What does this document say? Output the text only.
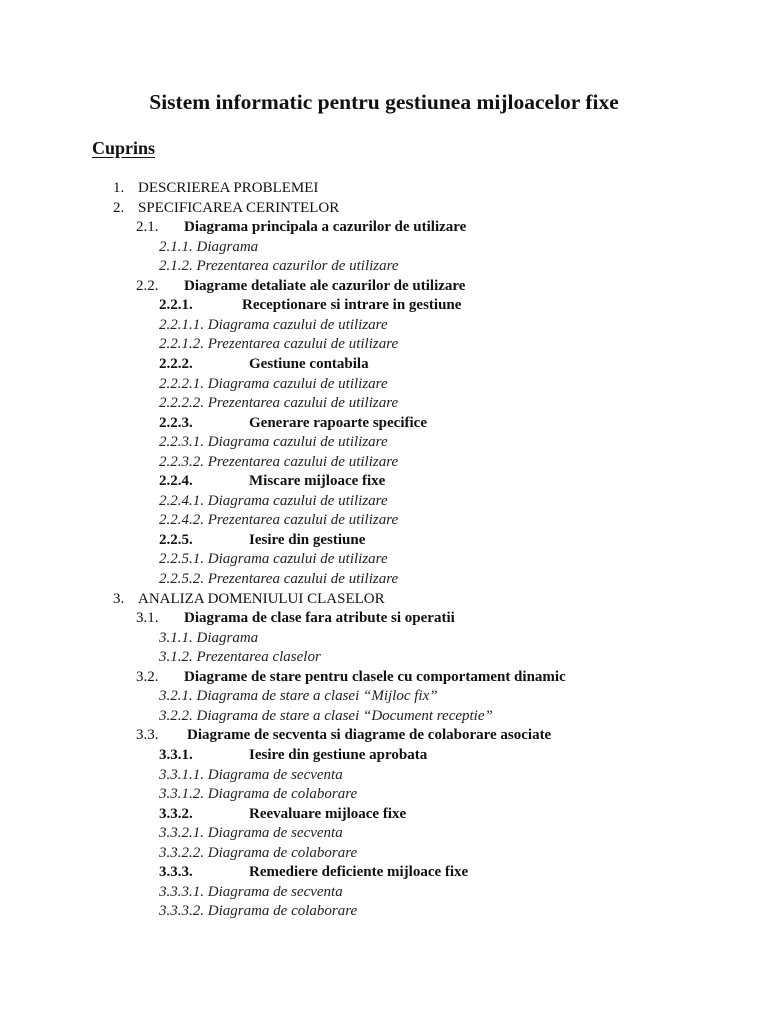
Sistem informatic pentru gestiunea mijloacelor fixe
Cuprins
1. DESCRIEREA PROBLEMEI
2. SPECIFICAREA CERINTELOR
2.1. Diagrama principala a cazurilor de utilizare
2.1.1. Diagrama
2.1.2. Prezentarea cazurilor de utilizare
2.2. Diagrame detaliate ale cazurilor de utilizare
2.2.1.	Receptionare si intrare in gestiune
2.2.1.1. Diagrama cazului de utilizare
2.2.1.2. Prezentarea cazului de utilizare
2.2.2.	Gestiune contabila
2.2.2.1. Diagrama cazului de utilizare
2.2.2.2. Prezentarea cazului de utilizare
2.2.3.	Generare rapoarte specifice
2.2.3.1. Diagrama cazului de utilizare
2.2.3.2. Prezentarea cazului de utilizare
2.2.4.	Miscare mijloace fixe
2.2.4.1. Diagrama cazului de utilizare
2.2.4.2. Prezentarea cazului de utilizare
2.2.5.	Iesire din gestiune
2.2.5.1. Diagrama cazului de utilizare
2.2.5.2. Prezentarea cazului de utilizare
3. ANALIZA DOMENIULUI CLASELOR
3.1. Diagrama de clase fara atribute si operatii
3.1.1. Diagrama
3.1.2. Prezentarea claselor
3.2. Diagrame de stare pentru clasele cu comportament dinamic
3.2.1. Diagrama de stare a clasei “Mijloc fix”
3.2.2. Diagrama de stare a clasei “Document receptie”
3.3. Diagrame de secventa si diagrame de colaborare asociate
3.3.1.	Iesire din gestiune aprobata
3.3.1.1. Diagrama de secventa
3.3.1.2. Diagrama de colaborare
3.3.2.	Reevaluare mijloace fixe
3.3.2.1. Diagrama de secventa
3.3.2.2. Diagrama de colaborare
3.3.3.	Remediere deficiente mijloace fixe
3.3.3.1. Diagrama de secventa
3.3.3.2. Diagrama de colaborare
